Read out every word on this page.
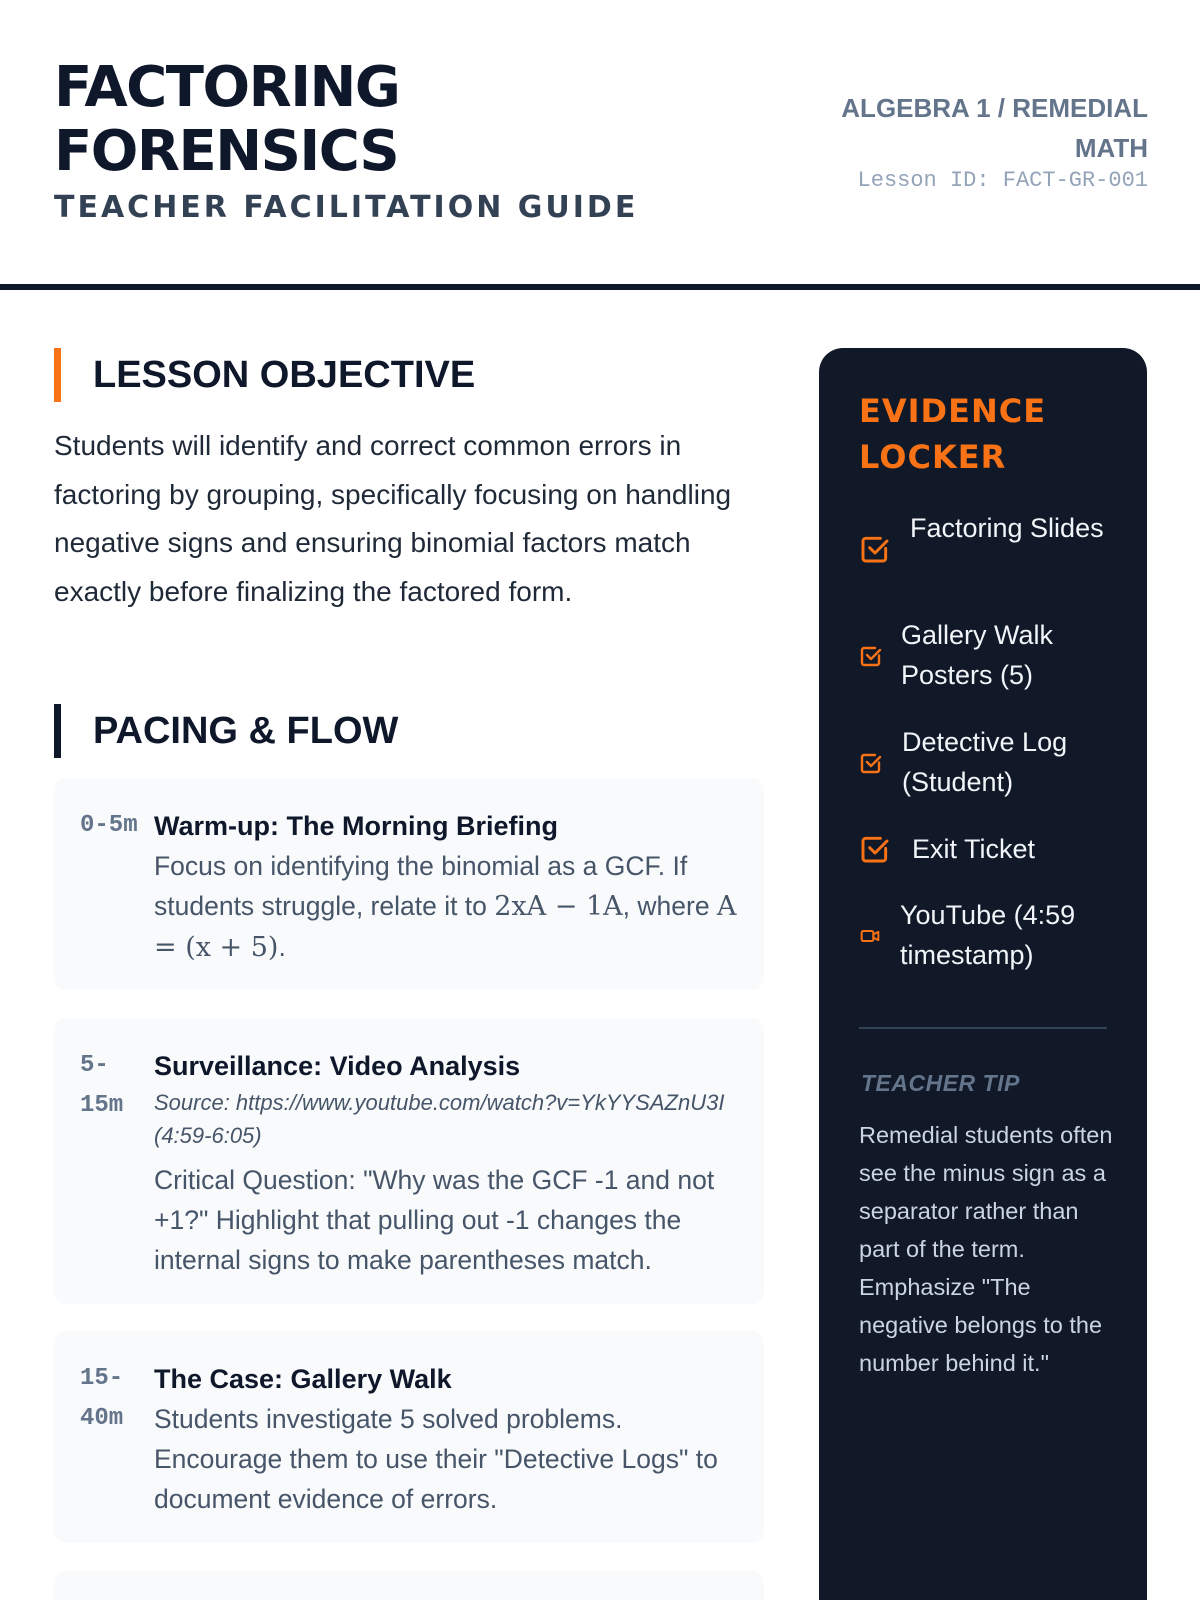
FACTORING FORENSICS
TEACHER FACILITATION GUIDE
ALGEBRA 1 / REMEDIAL MATH
Lesson ID: FACT-GR-001
LESSON OBJECTIVE
Students will identify and correct common errors in factoring by grouping, specifically focusing on handling negative signs and ensuring binomial factors match exactly before finalizing the factored form.
PACING & FLOW
0-5m Warm-up: The Morning Briefing
Focus on identifying the binomial as a GCF. If students struggle, relate it to 2xA − 1A, where A = (x + 5).
5-15m
Surveillance: Video Analysis
Source: https://www.youtube.com/watch?v=YkYYSAZnU3I (4:59-6:05)
Critical Question: "Why was the GCF -1 and not +1?" Highlight that pulling out -1 changes the internal signs to make parentheses match.
15-40m
The Case: Gallery Walk
Students investigate 5 solved problems. Encourage them to use their "Detective Logs" to document evidence of errors.
EVIDENCE LOCKER
Factoring Slides
Gallery Walk Posters (5)
Detective Log (Student)
Exit Ticket
YouTube (4:59 timestamp)
TEACHER TIP
Remedial students often see the minus sign as a separator rather than part of the term. Emphasize "The negative belongs to the number behind it."
